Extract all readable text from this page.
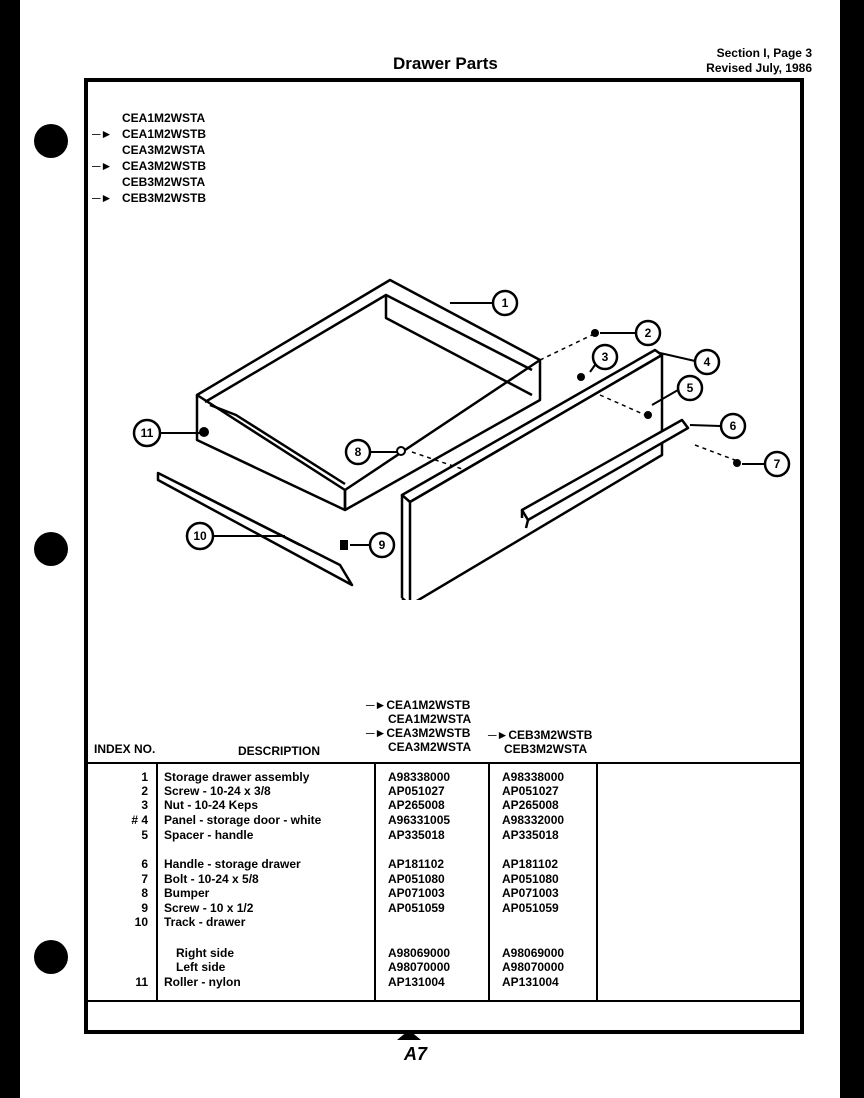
Drawer Parts
Section I, Page 3
Revised July, 1986
CEA1M2WSTA
─► CEA1M2WSTB
CEA3M2WSTA
─► CEA3M2WSTB
CEB3M2WSTA
─► CEB3M2WSTB
1
2
3	4
5
6
7
8
9
10
11
─►CEA1M2WSTB
CEA1M2WSTA
─►CEA3M2WSTB
CEA3M2WSTA
─►CEB3M2WSTB
CEB3M2WSTA
INDEX NO.	DESCRIPTION
1 Storage drawer assembly	A98338000	A98338000
2 Screw - 10-24 x 3/8	AP051027	AP051027
3 Nut - 10-24 Keps	AP265008	AP265008
# 4 Panel - storage door - white	A96331005	A98332000
5 Spacer - handle	AP335018	AP335018
6 Handle - storage drawer	AP181102	AP181102
7 Bolt - 10-24 x 5/8	AP051080	AP051080
8 Bumper	AP071003	AP071003
9 Screw - 10 x 1/2	AP051059	AP051059
10 Track - drawer
Right side	A98069000	A98069000
Left side	A98070000	A98070000
11 Roller - nylon	AP131004	AP131004
A7
